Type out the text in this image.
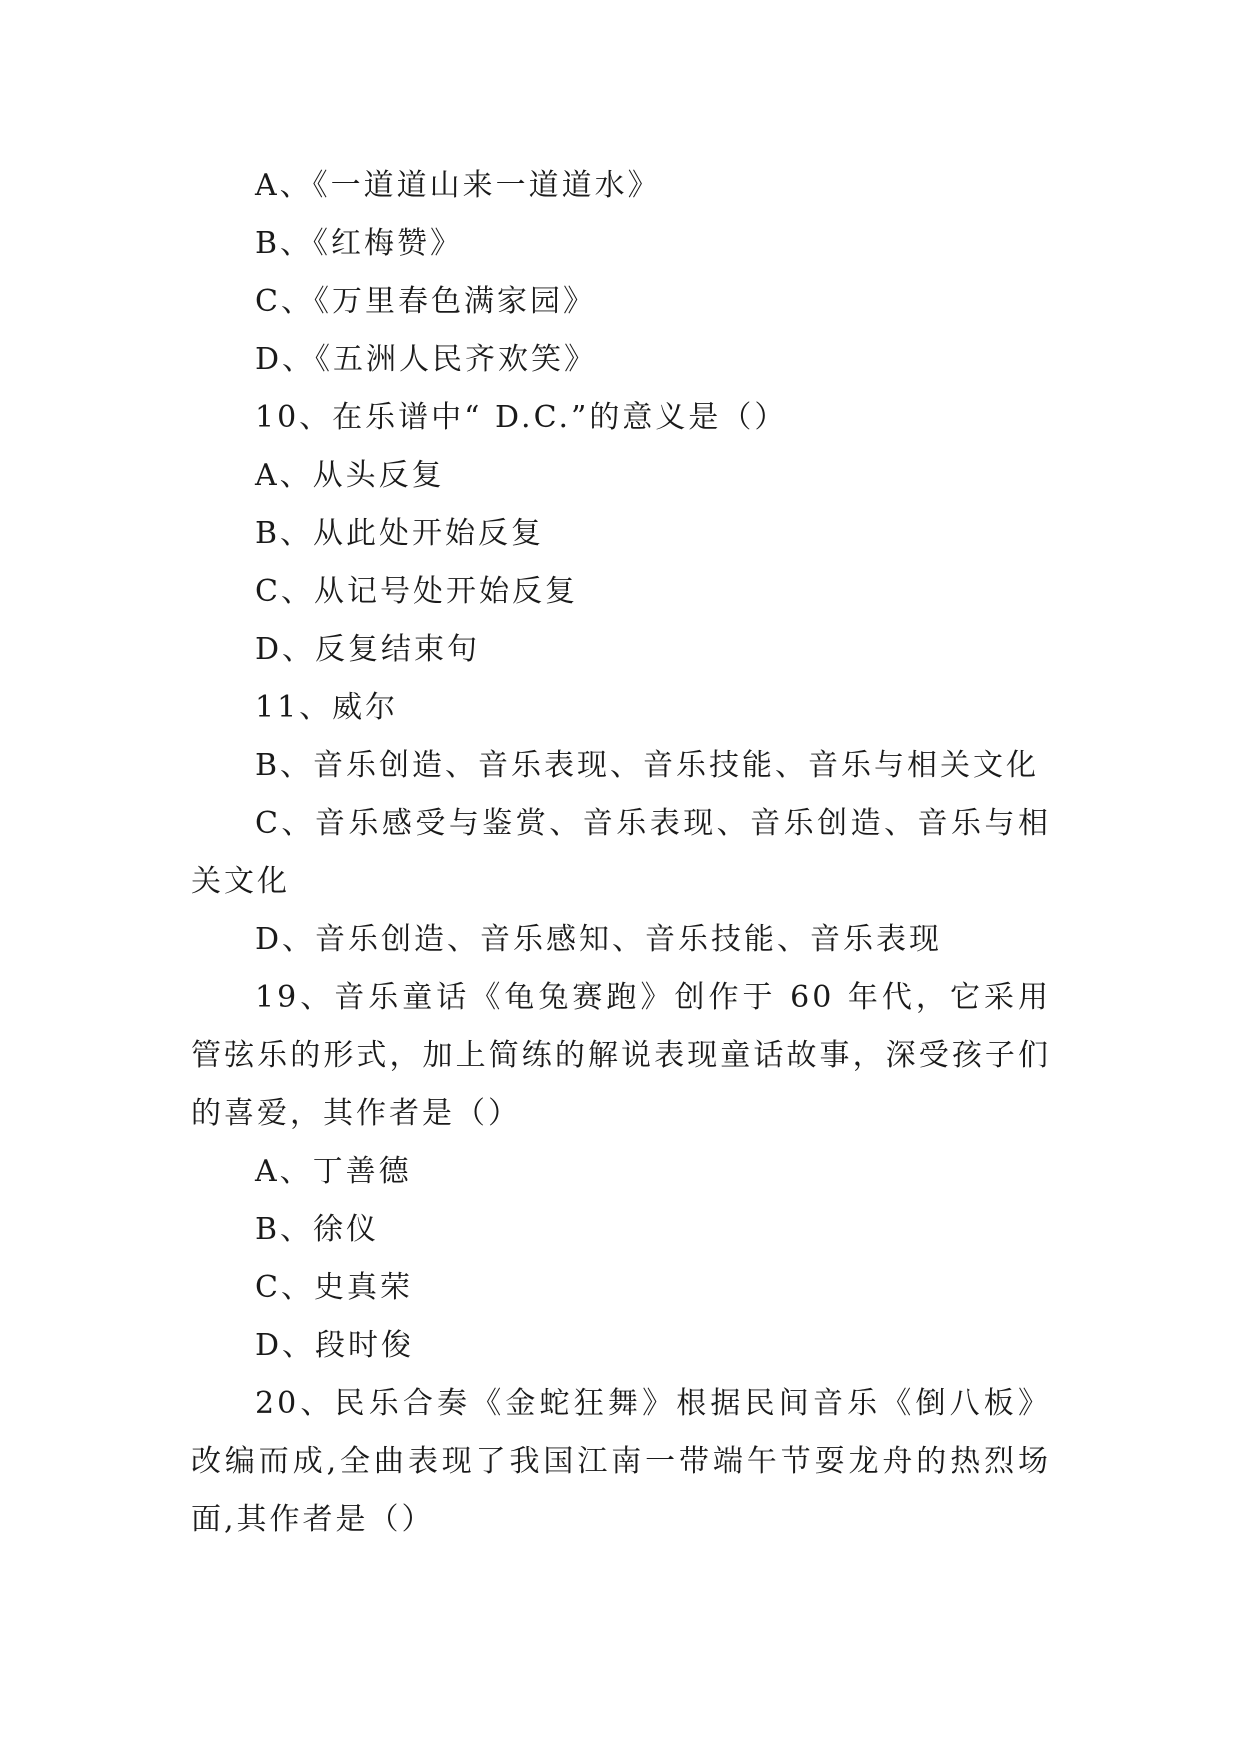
A、《一道道山来一道道水》
B、《红梅赞》
C、《万里春色满家园》
D、《五洲人民齐欢笑》
10、在乐谱中“ D.C.”的意义是（）
A、从头反复
B、从此处开始反复
C、从记号处开始反复
D、反复结束句
11、威尔
B、音乐创造、音乐表现、音乐技能、音乐与相关文化

C、音乐感受与鉴赏、音乐表现、音乐创造、音乐与相关文化

D、音乐创造、音乐感知、音乐技能、音乐表现

19、音乐童话《龟兔赛跑》创作于 60 年代，它采用管弦乐的形式，加上简练的解说表现童话故事，深受孩子们的喜爱，其作者是（）

A、丁善德
B、徐仪
C、史真荣
D、段时俊

20、民乐合奏《金蛇狂舞》根据民间音乐《倒八板》改编而成,全曲表现了我国江南一带端午节耍龙舟的热烈场面,其作者是（）
